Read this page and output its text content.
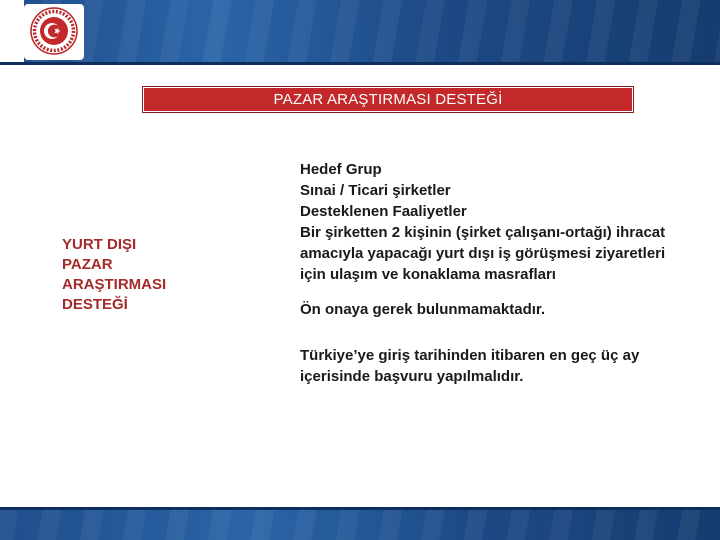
PAZAR ARAŞTIRMASI DESTEĞİ
YURT DIŞI
PAZAR
ARAŞTIRMASI
DESTEĞİ

Hedef Grup

Sınai / Ticari şirketler

Desteklenen Faaliyetler

Bir şirketten 2 kişinin (şirket çalışanı-ortağı) ihracat amacıyla yapacağı yurt dışı iş görüşmesi ziyaretleri için ulaşım ve konaklama masrafları

Ön onaya gerek bulunmamaktadır.

Türkiye’ye giriş tarihinden itibaren en geç üç ay içerisinde başvuru yapılmalıdır.
